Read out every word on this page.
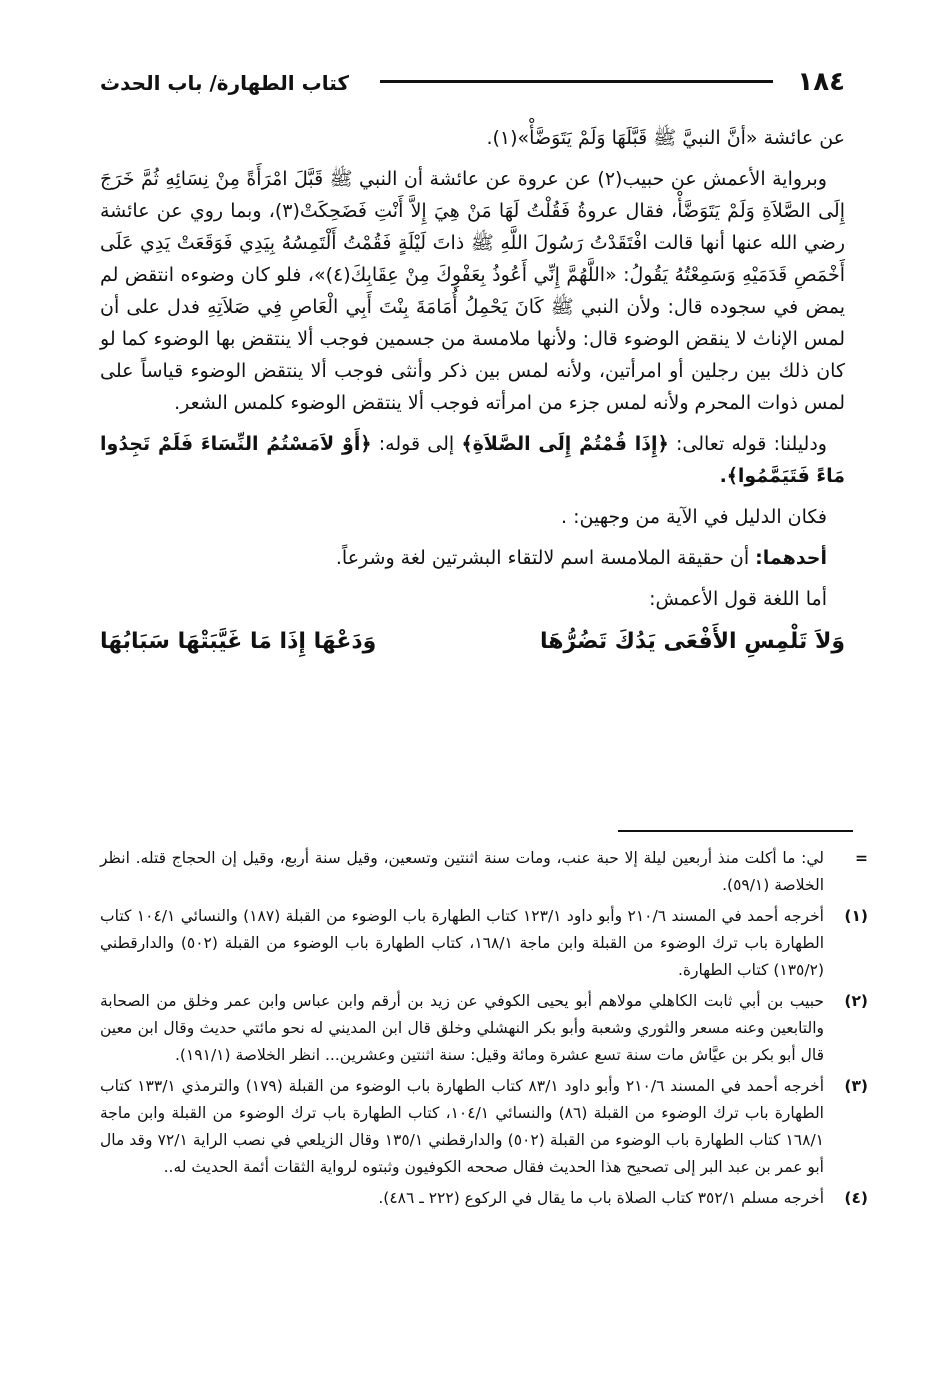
١٨٤
كتاب الطهارة/ باب الحدث

عن عائشة «أنَّ النبيَّ ﷺ قَبَّلَهَا وَلَمْ يَتَوَضَّأْ»(١).

وبرواية الأعمش عن حبيب(٢) عن عروة عن عائشة أن النبي ﷺ قَبَّلَ امْرَأَةً مِنْ نِسَائِهِ ثُمَّ خَرَجَ إِلَى الصَّلاَةِ وَلَمْ يَتَوَضَّأْ، فقال عروةُ فَقُلْتُ لَهَا مَنْ هِيَ إِلاَّ أَنْتِ فَضَحِكَتْ(٣)، وبما روي عن عائشة رضي الله عنها أنها قالت افْتَقَدْتُ رَسُولَ اللَّهِ ﷺ ذاتَ لَيْلَةٍ فَقُمْتُ أَلْتَمِسُهُ بِيَدِي فَوَقَعَتْ يَدِي عَلَى أَخْمَصِ قَدَمَيْهِ وَسَمِعْتُهُ يَقُولُ: «اللَّهُمَّ إِنِّي أَعُوذُ بِعَفْوِكَ مِنْ عِقَابِكَ(٤)»، فلو كان وضوءه انتقض لم يمض في سجوده قال: ولأن النبي ﷺ كَانَ يَحْمِلُ أُمَامَةَ بِنْتَ أَبِي الْعَاصِ فِي صَلاَتِهِ فدل على أن لمس الإناث لا ينقض الوضوء قال: ولأنها ملامسة من جسمين فوجب ألا ينتقض بها الوضوء كما لو كان ذلك بين رجلين أو امرأتين، ولأنه لمس بين ذكر وأنثى فوجب ألا ينتقض الوضوء قياساً على لمس ذوات المحرم ولأنه لمس جزء من امرأته فوجب ألا ينتقض الوضوء كلمس الشعر.

ودليلنا: قوله تعالى: ﴿إِذَا قُمْتُمْ إِلَى الصَّلاَةِ﴾ إلى قوله: ﴿أَوْ لاَمَسْتُمُ النِّسَاءَ فَلَمْ تَجِدُوا مَاءً فَتَيَمَّمُوا﴾.

فكان الدليل في الآية من وجهين: .

أحدهما: أن حقيقة الملامسة اسم لالتقاء البشرتين لغة وشرعاً.

أما اللغة قول الأعمش:

وَلاَ تَلْمِسِ الأَفْعَى يَدُكَ تَضُرُّهَا
وَدَعْهَا إِذَا مَا غَيَّبَتْهَا سَبَابُهَا
=
لي: ما أكلت منذ أربعين ليلة إلا حبة عنب، ومات سنة اثنتين وتسعين، وقيل سنة أربع، وقيل إن الحجاج قتله. انظر الخلاصة (٥٩/١).
(١)
أخرجه أحمد في المسند ٢١٠/٦ وأبو داود ١٢٣/١ كتاب الطهارة باب الوضوء من القبلة (١٨٧) والنسائي ١٠٤/١ كتاب الطهارة باب ترك الوضوء من القبلة وابن ماجة ١٦٨/١، كتاب الطهارة باب الوضوء من القبلة (٥٠٢) والدارقطني (١٣٥/٢) كتاب الطهارة.
(٢)
حبيب بن أبي ثابت الكاهلي مولاهم أبو يحيى الكوفي عن زيد بن أرقم وابن عباس وابن عمر وخلق من الصحابة والتابعين وعنه مسعر والثوري وشعبة وأبو بكر النهشلي وخلق قال ابن المديني له نحو مائتي حديث وقال ابن معين قال أبو بكر بن عيَّاش مات سنة تسع عشرة ومائة وقيل: سنة اثنتين وعشرين... انظر الخلاصة (١٩١/١).
(٣)
أخرجه أحمد في المسند ٢١٠/٦ وأبو داود ٨٣/١ كتاب الطهارة باب الوضوء من القبلة (١٧٩) والترمذي ١٣٣/١ كتاب الطهارة باب ترك الوضوء من القبلة (٨٦) والنسائي ١٠٤/١، كتاب الطهارة باب ترك الوضوء من القبلة وابن ماجة ١٦٨/١ كتاب الطهارة باب الوضوء من القبلة (٥٠٢) والدارقطني ١٣٥/١ وقال الزيلعي في نصب الراية ٧٢/١ وقد مال أبو عمر بن عبد البر إلى تصحيح هذا الحديث فقال صححه الكوفيون وثبتوه لرواية الثقات أئمة الحديث له..
(٤)
أخرجه مسلم ٣٥٢/١ كتاب الصلاة باب ما يقال في الركوع (٢٢٢ ـ ٤٨٦).
